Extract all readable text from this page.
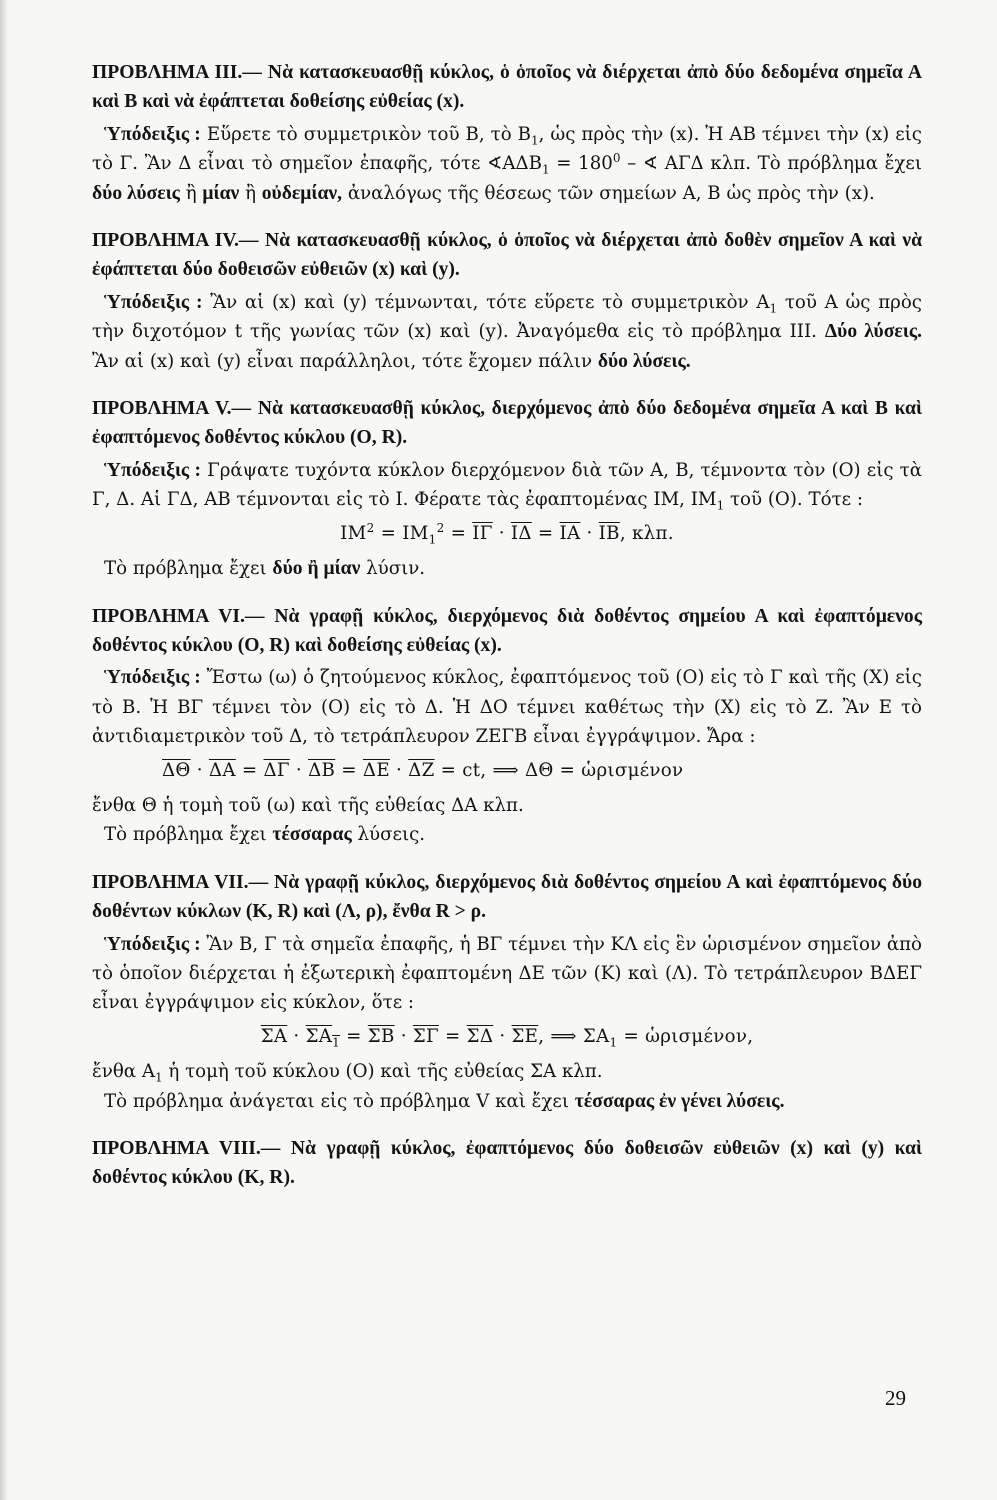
ΠΡΟΒΛΗΜΑ ΙΙΙ.— Νὰ κατασκευασθῇ κύκλος, ὁ ὁποῖος νὰ διέρχεται ἀπὸ δύο δεδομένα σημεῖα Α καὶ Β καὶ νὰ ἐφάπτεται δοθείσης εὐθείας (x).

Ὑπόδειξις : Εὕρετε τὸ συμμετρικὸν τοῦ Β, τὸ $B_1$, ὡς πρὸς τὴν (x). Ἡ ΑΒ τέμνει τὴν (x) εἰς τὸ Γ. Ἂν Δ εἶναι τὸ σημεῖον ἐπαφῆς, τότε $∢A\Delta B_1 = 180^0$ – ∢ ΑΓΔ κλπ. Τὸ πρόβλημα ἔχει δύο λύσεις ἢ μίαν ἢ οὐδεμίαν, ἀναλόγως τῆς θέσεως τῶν σημείων Α, Β ὡς πρὸς τὴν (x).

ΠΡΟΒΛΗΜΑ ΙV.— Νὰ κατασκευασθῇ κύκλος, ὁ ὁποῖος νὰ διέρχεται ἀπὸ δοθὲν σημεῖον Α καὶ νὰ ἐφάπτεται δύο δοθεισῶν εὐθειῶν (x) καὶ (y).

Ὑπόδειξις : Ἂν αἱ (x) καὶ (y) τέμνωνται, τότε εὕρετε τὸ συμμετρικὸν $A_1$ τοῦ Α ὡς πρὸς τὴν διχοτόμον t τῆς γωνίας τῶν (x) καὶ (y). Ἀναγόμεθα εἰς τὸ πρόβλημα ΙΙΙ. Δύο λύσεις. Ἂν αἱ (x) καὶ (y) εἶναι παράλληλοι, τότε ἔχομεν πάλιν δύο λύσεις.

ΠΡΟΒΛΗΜΑ V.— Νὰ κατασκευασθῇ κύκλος, διερχόμενος ἀπὸ δύο δεδομένα σημεῖα Α καὶ Β καὶ ἐφαπτόμενος δοθέντος κύκλου (Ο, R).

Ὑπόδειξις : Γράψατε τυχόντα κύκλον διερχόμενον διὰ τῶν Α, Β, τέμνοντα τὸν (Ο) εἰς τὰ Γ, Δ. Αἱ ΓΔ, ΑΒ τέμνονται εἰς τὸ Ι. Φέρατε τὰς ἐφαπτομένας ΙΜ, $IM_1$ τοῦ (Ο). Τότε :

$IM^2 = IM_1^2 = \overline{I\Gamma} \cdot \overline{I\Delta} = \overline{IA} \cdot \overline{IB}$, κλπ.

Τὸ πρόβλημα ἔχει δύο ἢ μίαν λύσιν.

ΠΡΟΒΛΗΜΑ VI.— Νὰ γραφῇ κύκλος, διερχόμενος διὰ δοθέντος σημείου Α καὶ ἐφαπτόμενος δοθέντος κύκλου (Ο, R) καὶ δοθείσης εὐθείας (x).

Ὑπόδειξις : Ἔστω (ω) ὁ ζητούμενος κύκλος, ἐφαπτόμενος τοῦ (Ο) εἰς τὸ Γ καὶ τῆς (Χ) εἰς τὸ Β. Ἡ ΒΓ τέμνει τὸν (Ο) εἰς τὸ Δ. Ἡ ΔΟ τέμνει καθέτως τὴν (Χ) εἰς τὸ Ζ. Ἂν Ε τὸ ἀντιδιαμετρικὸν τοῦ Δ, τὸ τετράπλευρον ΖΕΓΒ εἶναι ἐγγράψιμον. Ἄρα :

$\overline{\Delta\Theta} \cdot \overline{\Delta A} = \overline{\Delta\Gamma} \cdot \overline{\Delta B} = \overline{\Delta E} \cdot \overline{\Delta Z}$ = ct, ⟹ ΔΘ = ὡρισμένον

ἔνθα Θ ἡ τομὴ τοῦ (ω) καὶ τῆς εὐθείας ΔΑ κλπ.

Τὸ πρόβλημα ἔχει τέσσαρας λύσεις.

ΠΡΟΒΛΗΜΑ VΙΙ.— Νὰ γραφῇ κύκλος, διερχόμενος διὰ δοθέντος σημείου Α καὶ ἐφαπτόμενος δύο δοθέντων κύκλων (Κ, R) καὶ (Λ, ρ), ἔνθα R > ρ.

Ὑπόδειξις : Ἂν Β, Γ τὰ σημεῖα ἐπαφῆς, ἡ ΒΓ τέμνει τὴν ΚΛ εἰς ἓν ὡρισμένον σημεῖον ἀπὸ τὸ ὁποῖον διέρχεται ἡ ἐξωτερικὴ ἐφαπτομένη ΔΕ τῶν (Κ) καὶ (Λ). Τὸ τετράπλευρον ΒΔΕΓ εἶναι ἐγγράψιμον εἰς κύκλον, ὅτε :

$\overline{\Sigma A} \cdot \Sigma A_1 = \overline{\Sigma B} \cdot \overline{\Sigma\Gamma} = \overline{\Sigma\Delta} \cdot \overline{\Sigma E}$, ⟹ $\Sigma A_1$ = ὡρισμένον,

ἔνθα $A_1$ ἡ τομὴ τοῦ κύκλου (Ο) καὶ τῆς εὐθείας ΣΑ κλπ.

Τὸ πρόβλημα ἀνάγεται εἰς τὸ πρόβλημα V καὶ ἔχει τέσσαρας ἐν γένει λύσεις.

ΠΡΟΒΛΗΜΑ VΙΙΙ.— Νὰ γραφῇ κύκλος, ἐφαπτόμενος δύο δοθεισῶν εὐθειῶν (x) καὶ (y) καὶ δοθέντος κύκλου (Κ, R).

29
